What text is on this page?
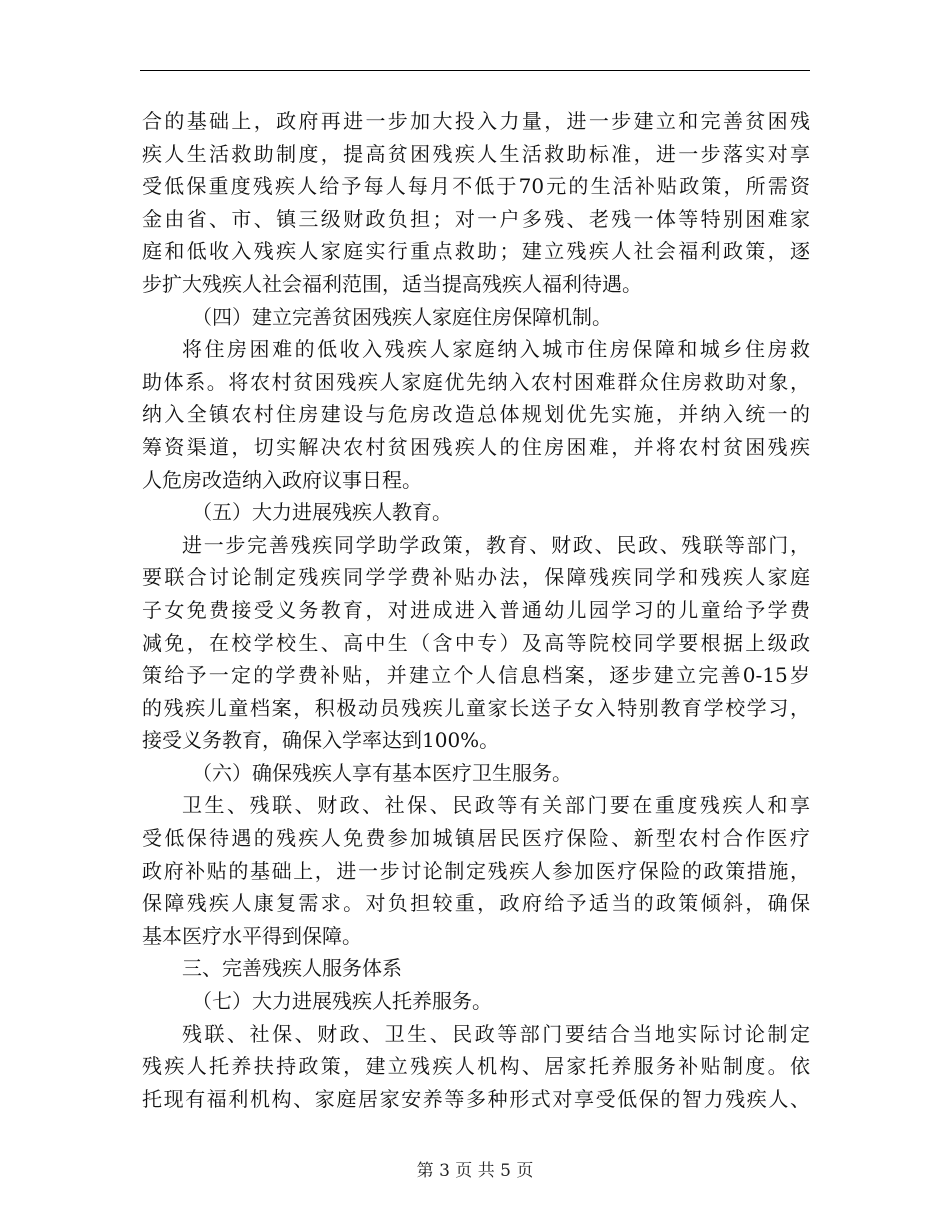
合的基础上，政府再进一步加大投入力量，进一步建立和完善贫困残
疾人生活救助制度，提高贫困残疾人生活救助标准，进一步落实对享
受低保重度残疾人给予每人每月不低于70元的生活补贴政策，所需资
金由省、市、镇三级财政负担；对一户多残、老残一体等特别困难家
庭和低收入残疾人家庭实行重点救助；建立残疾人社会福利政策，逐
步扩大残疾人社会福利范围，适当提高残疾人福利待遇。
（四）建立完善贫困残疾人家庭住房保障机制。
将住房困难的低收入残疾人家庭纳入城市住房保障和城乡住房救
助体系。将农村贫困残疾人家庭优先纳入农村困难群众住房救助对象，
纳入全镇农村住房建设与危房改造总体规划优先实施，并纳入统一的
筹资渠道，切实解决农村贫困残疾人的住房困难，并将农村贫困残疾
人危房改造纳入政府议事日程。
（五）大力进展残疾人教育。
进一步完善残疾同学助学政策，教育、财政、民政、残联等部门，
要联合讨论制定残疾同学学费补贴办法，保障残疾同学和残疾人家庭
子女免费接受义务教育，对进成进入普通幼儿园学习的儿童给予学费
减免，在校学校生、高中生（含中专）及高等院校同学要根据上级政
策给予一定的学费补贴，并建立个人信息档案，逐步建立完善0-15岁
的残疾儿童档案，积极动员残疾儿童家长送子女入特别教育学校学习，
接受义务教育，确保入学率达到100%。
（六）确保残疾人享有基本医疗卫生服务。
卫生、残联、财政、社保、民政等有关部门要在重度残疾人和享
受低保待遇的残疾人免费参加城镇居民医疗保险、新型农村合作医疗
政府补贴的基础上，进一步讨论制定残疾人参加医疗保险的政策措施，
保障残疾人康复需求。对负担较重，政府给予适当的政策倾斜，确保
基本医疗水平得到保障。
三、完善残疾人服务体系
（七）大力进展残疾人托养服务。
残联、社保、财政、卫生、民政等部门要结合当地实际讨论制定
残疾人托养扶持政策，建立残疾人机构、居家托养服务补贴制度。依
托现有福利机构、家庭居家安养等多种形式对享受低保的智力残疾人、
第 3 页 共 5 页
